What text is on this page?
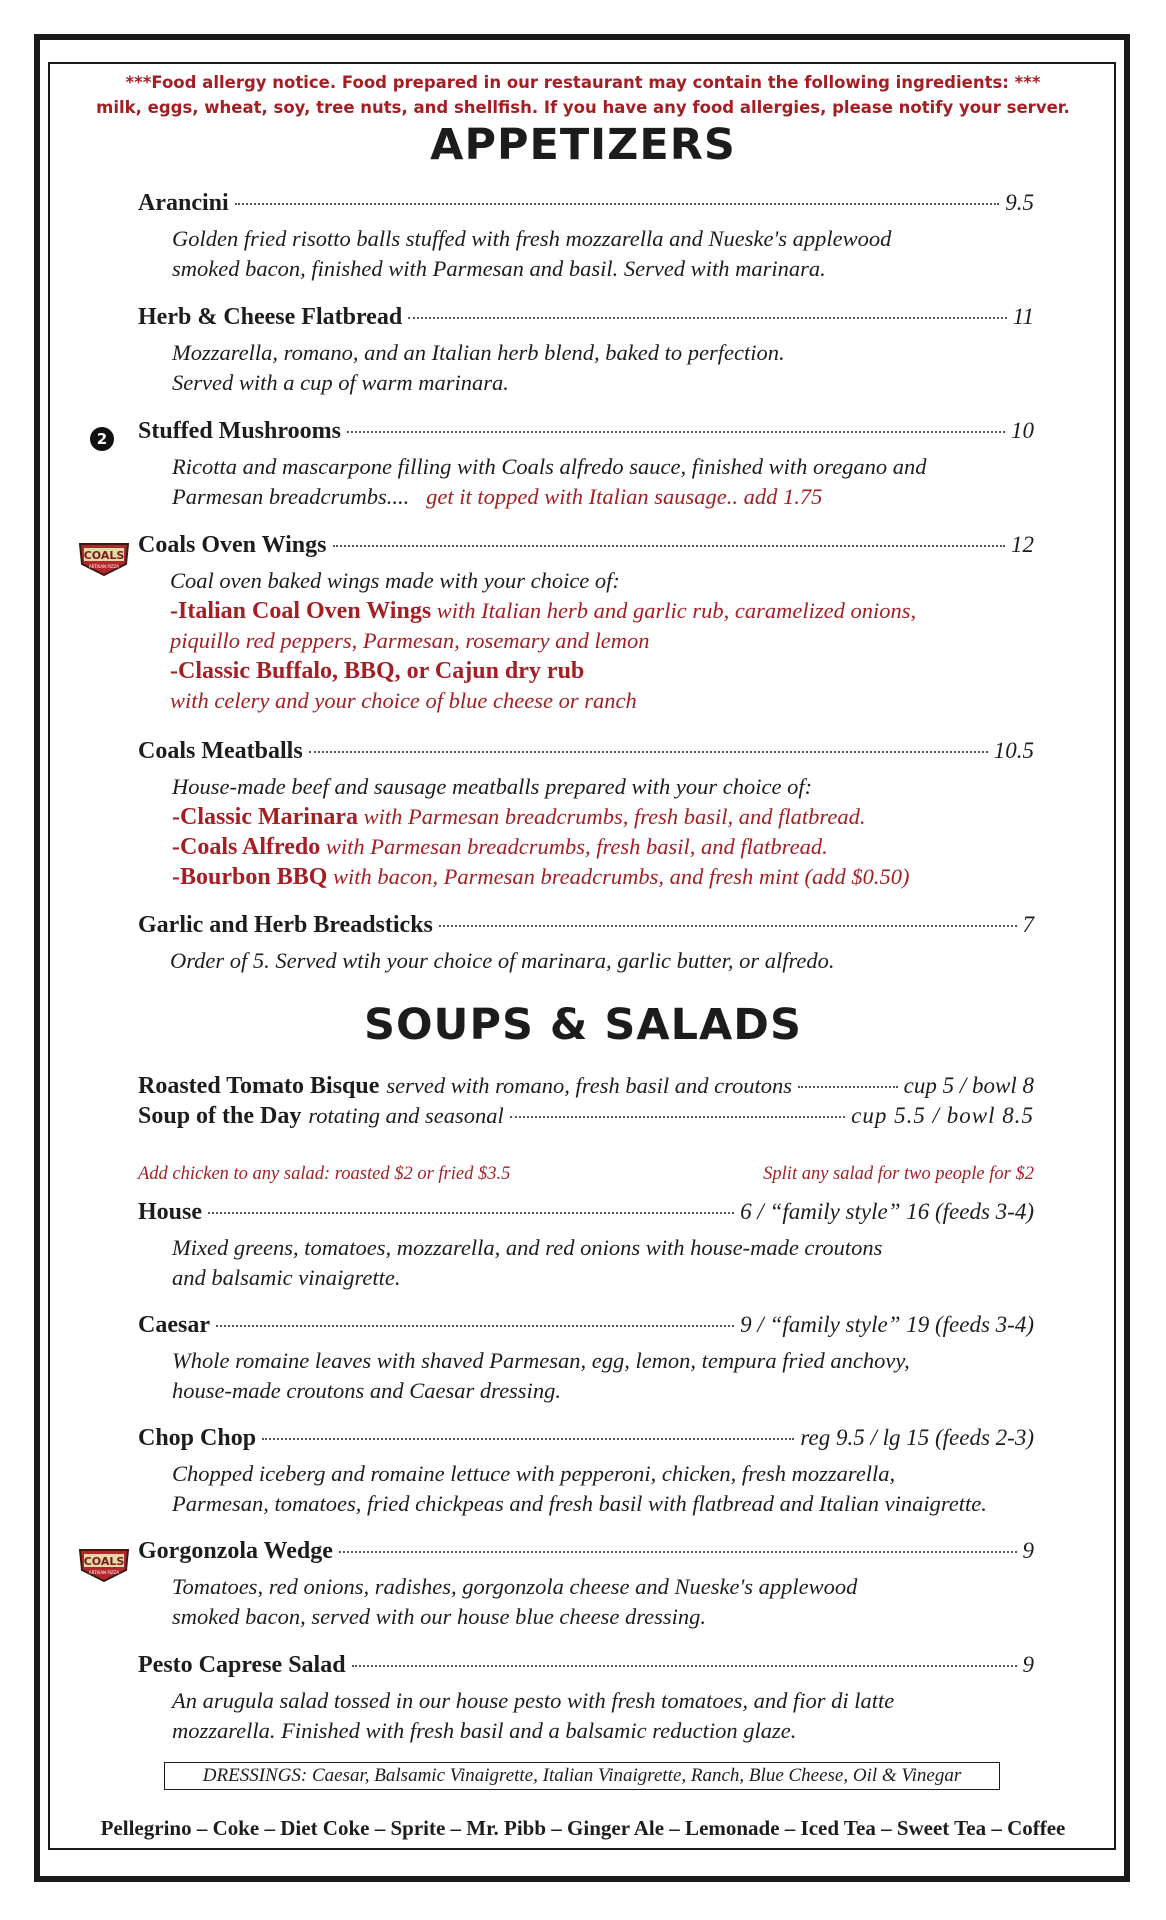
***Food allergy notice. Food prepared in our restaurant may contain the following ingredients: ***
milk, eggs, wheat, soy, tree nuts, and shellfish. If you have any food allergies, please notify your server.
APPETIZERS
Arancini	9.5
Golden fried risotto balls stuffed with fresh mozzarella and Nueske's applewood
smoked bacon, finished with Parmesan and basil. Served with marinara.
Herb & Cheese Flatbread	11
Mozzarella, romano, and an Italian herb blend, baked to perfection.
Served with a cup of warm marinara.
2 Stuffed Mushrooms	10
Ricotta and mascarpone filling with Coals alfredo sauce, finished with oregano and
Parmesan breadcrumbs.... get it topped with Italian sausage.. add 1.75
COALS
ARTISAN PIZZA
Coals Oven Wings	12
Coal oven baked wings made with your choice of:
-Italian Coal Oven Wings with Italian herb and garlic rub, caramelized onions,
piquillo red peppers, Parmesan, rosemary and lemon
-Classic Buffalo, BBQ, or Cajun dry rub
with celery and your choice of blue cheese or ranch
Coals Meatballs	10.5
House-made beef and sausage meatballs prepared with your choice of:
-Classic Marinara with Parmesan breadcrumbs, fresh basil, and flatbread.
-Coals Alfredo with Parmesan breadcrumbs, fresh basil, and flatbread.
-Bourbon BBQ with bacon, Parmesan breadcrumbs, and fresh mint (add $0.50)
Garlic and Herb Breadsticks	7
Order of 5. Served wtih your choice of marinara, garlic butter, or alfredo.
SOUPS & SALADS
Roasted Tomato Bisque served with romano, fresh basil and croutons	cup 5 / bowl 8
Soup of the Day rotating and seasonal	cup 5.5 / bowl 8.5
Add chicken to any salad: roasted $2 or fried $3.5	Split any salad for two people for $2
House	6 / “family style” 16 (feeds 3-4)
Mixed greens, tomatoes, mozzarella, and red onions with house-made croutons
and balsamic vinaigrette.
Caesar	9 / “family style” 19 (feeds 3-4)
Whole romaine leaves with shaved Parmesan, egg, lemon, tempura fried anchovy,
house-made croutons and Caesar dressing.
Chop Chop	reg 9.5 / lg 15 (feeds 2-3)
Chopped iceberg and romaine lettuce with pepperoni, chicken, fresh mozzarella,
Parmesan, tomatoes, fried chickpeas and fresh basil with flatbread and Italian vinaigrette.
COALS
ARTISAN PIZZA
Gorgonzola Wedge	9
Tomatoes, red onions, radishes, gorgonzola cheese and Nueske's applewood
smoked bacon, served with our house blue cheese dressing.
Pesto Caprese Salad	9
An arugula salad tossed in our house pesto with fresh tomatoes, and fior di latte
mozzarella. Finished with fresh basil and a balsamic reduction glaze.
DRESSINGS: Caesar, Balsamic Vinaigrette, Italian Vinaigrette, Ranch, Blue Cheese, Oil & Vinegar
Pellegrino – Coke – Diet Coke – Sprite – Mr. Pibb – Ginger Ale – Lemonade – Iced Tea – Sweet Tea – Coffee
